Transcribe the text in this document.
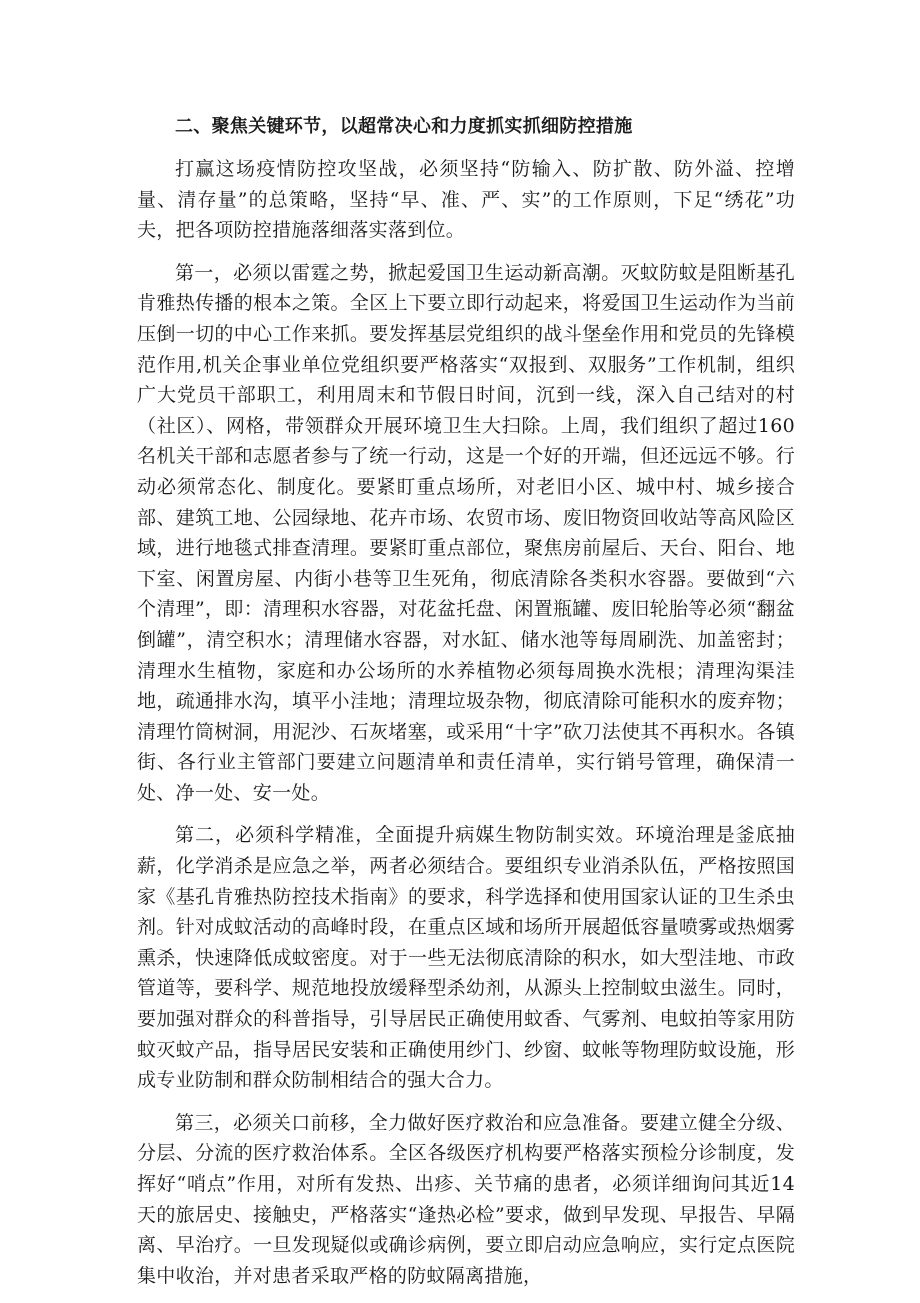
二、聚焦关键环节，以超常决心和力度抓实抓细防控措施

打赢这场疫情防控攻坚战，必须坚持“防输入、防扩散、防外溢、控增量、清存量”的总策略，坚持“早、准、严、实”的工作原则，下足“绣花”功夫，把各项防控措施落细落实落到位。

第一，必须以雷霆之势，掀起爱国卫生运动新高潮。灭蚊防蚊是阻断基孔肯雅热传播的根本之策。全区上下要立即行动起来，将爱国卫生运动作为当前压倒一切的中心工作来抓。要发挥基层党组织的战斗堡垒作用和党员的先锋模范作用,机关企事业单位党组织要严格落实“双报到、双服务”工作机制，组织广大党员干部职工，利用周末和节假日时间，沉到一线，深入自己结对的村（社区）、网格，带领群众开展环境卫生大扫除。上周，我们组织了超过160名机关干部和志愿者参与了统一行动，这是一个好的开端，但还远远不够。行动必须常态化、制度化。要紧盯重点场所，对老旧小区、城中村、城乡接合部、建筑工地、公园绿地、花卉市场、农贸市场、废旧物资回收站等高风险区域，进行地毯式排查清理。要紧盯重点部位，聚焦房前屋后、天台、阳台、地下室、闲置房屋、内街小巷等卫生死角，彻底清除各类积水容器。要做到“六个清理”，即：清理积水容器，对花盆托盘、闲置瓶罐、废旧轮胎等必须“翻盆倒罐”，清空积水；清理储水容器，对水缸、储水池等每周刷洗、加盖密封；清理水生植物，家庭和办公场所的水养植物必须每周换水洗根；清理沟渠洼地，疏通排水沟，填平小洼地；清理垃圾杂物，彻底清除可能积水的废弃物；清理竹筒树洞，用泥沙、石灰堵塞，或采用“十字”砍刀法使其不再积水。各镇街、各行业主管部门要建立问题清单和责任清单，实行销号管理，确保清一处、净一处、安一处。

第二，必须科学精准，全面提升病媒生物防制实效。环境治理是釜底抽薪，化学消杀是应急之举，两者必须结合。要组织专业消杀队伍，严格按照国家《基孔肯雅热防控技术指南》的要求，科学选择和使用国家认证的卫生杀虫剂。针对成蚊活动的高峰时段，在重点区域和场所开展超低容量喷雾或热烟雾熏杀，快速降低成蚊密度。对于一些无法彻底清除的积水，如大型洼地、市政管道等，要科学、规范地投放缓释型杀幼剂，从源头上控制蚊虫滋生。同时，要加强对群众的科普指导，引导居民正确使用蚊香、气雾剂、电蚊拍等家用防蚊灭蚊产品，指导居民安装和正确使用纱门、纱窗、蚊帐等物理防蚊设施，形成专业防制和群众防制相结合的强大合力。

第三，必须关口前移，全力做好医疗救治和应急准备。要建立健全分级、分层、分流的医疗救治体系。全区各级医疗机构要严格落实预检分诊制度，发挥好“哨点”作用，对所有发热、出疹、关节痛的患者，必须详细询问其近14天的旅居史、接触史，严格落实“逢热必检”要求，做到早发现、早报告、早隔离、早治疗。一旦发现疑似或确诊病例，要立即启动应急响应，实行定点医院集中收治，并对患者采取严格的防蚊隔离措施，
